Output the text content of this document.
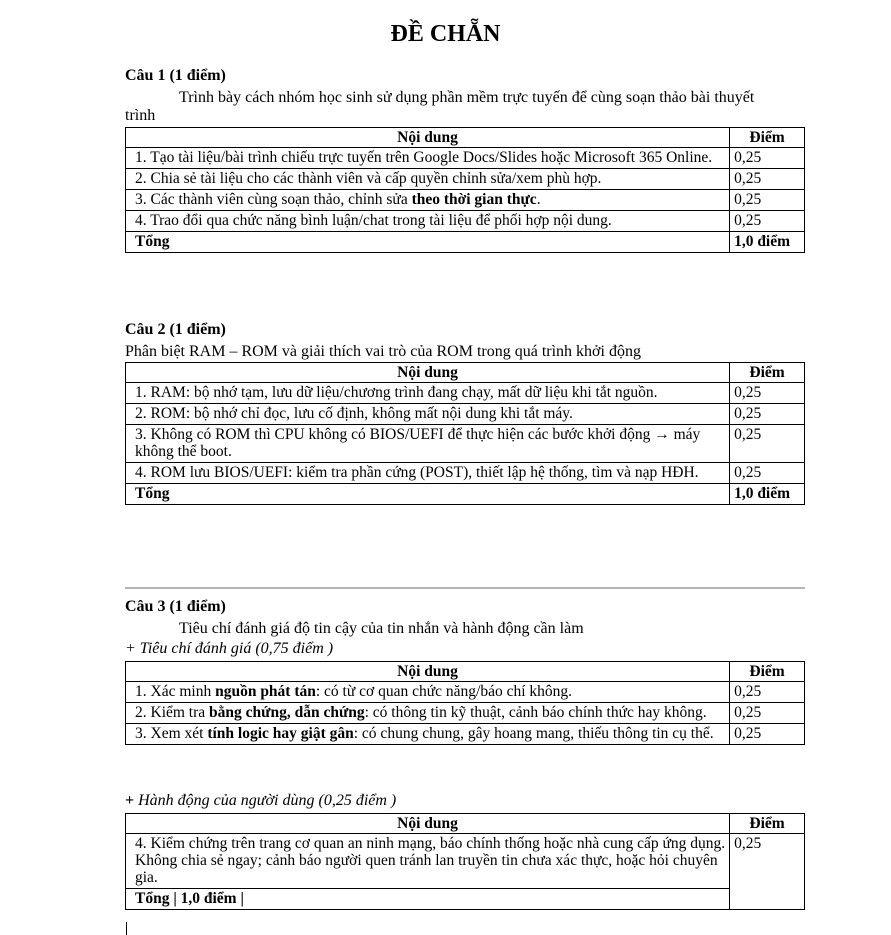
ĐỀ CHẴN
Câu 1 (1 điểm)
Trình bày cách nhóm học sinh sử dụng phần mềm trực tuyến để cùng soạn thảo bài thuyết trình
Nội dung	Điểm
1. Tạo tài liệu/bài trình chiếu trực tuyến trên Google Docs/Slides hoặc Microsoft 365 Online.	0,25
2. Chia sẻ tài liệu cho các thành viên và cấp quyền chỉnh sửa/xem phù hợp.	0,25
3. Các thành viên cùng soạn thảo, chỉnh sửa theo thời gian thực.	0,25
4. Trao đổi qua chức năng bình luận/chat trong tài liệu để phối hợp nội dung.	0,25
Tổng	1,0 điểm
Câu 2 (1 điểm)
Phân biệt RAM – ROM và giải thích vai trò của ROM trong quá trình khởi động
Nội dung	Điểm
1. RAM: bộ nhớ tạm, lưu dữ liệu/chương trình đang chạy, mất dữ liệu khi tắt nguồn.	0,25
2. ROM: bộ nhớ chỉ đọc, lưu cố định, không mất nội dung khi tắt máy.	0,25
3. Không có ROM thì CPU không có BIOS/UEFI để thực hiện các bước khởi động → máy không thể boot.	0,25
4. ROM lưu BIOS/UEFI: kiểm tra phần cứng (POST), thiết lập hệ thống, tìm và nạp HĐH.	0,25
Tổng	1,0 điểm
Câu 3 (1 điểm)
Tiêu chí đánh giá độ tin cậy của tin nhắn và hành động cần làm
+ Tiêu chí đánh giá (0,75 điểm )
Nội dung	Điểm
1. Xác minh nguồn phát tán: có từ cơ quan chức năng/báo chí không.	0,25
2. Kiểm tra bằng chứng, dẫn chứng: có thông tin kỹ thuật, cảnh báo chính thức hay không.	0,25
3. Xem xét tính logic hay giật gân: có chung chung, gây hoang mang, thiếu thông tin cụ thể.	0,25
+ Hành động của người dùng (0,25 điểm )
Nội dung	Điểm
4. Kiểm chứng trên trang cơ quan an ninh mạng, báo chính thống hoặc nhà cung cấp ứng dụng. Không chia sẻ ngay; cảnh báo người quen tránh lan truyền tin chưa xác thực, hoặc hỏi chuyên gia.	0,25
Tổng | 1,0 điểm |	
